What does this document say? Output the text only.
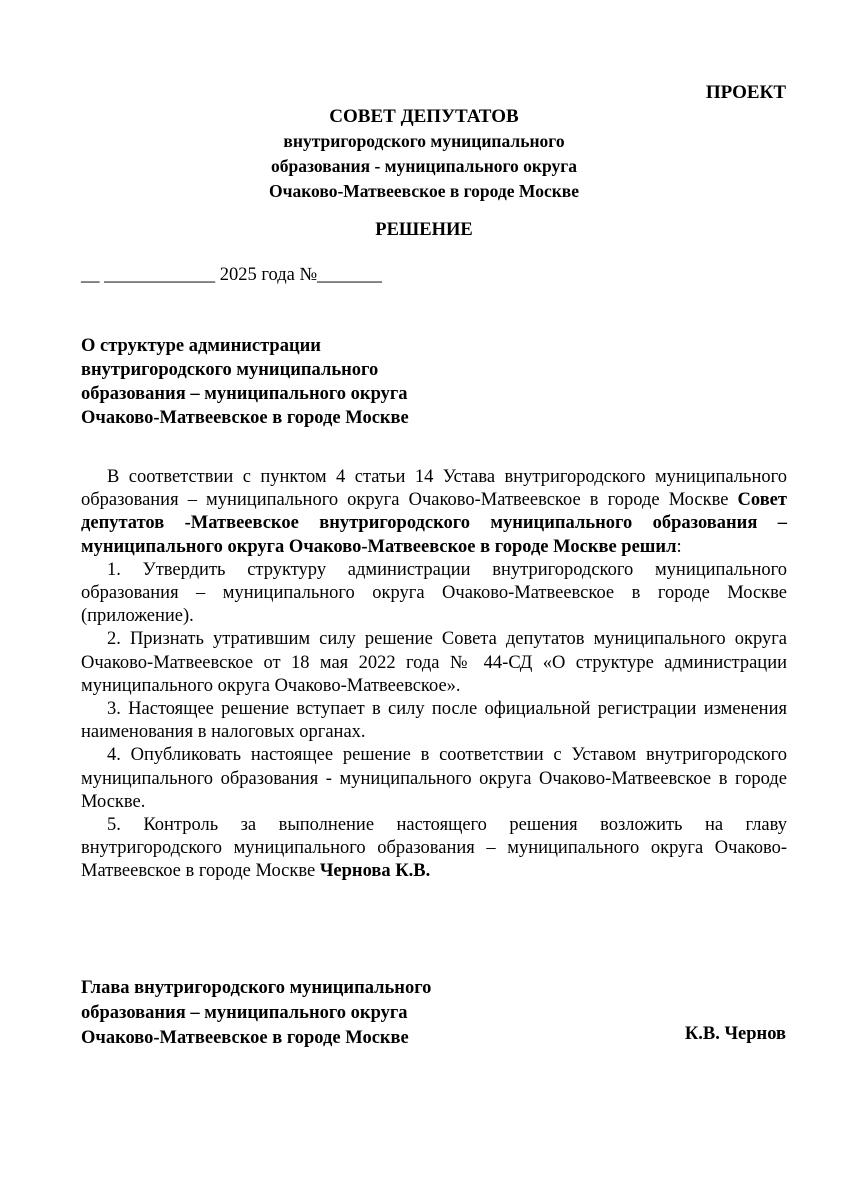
ПРОЕКТ
СОВЕТ ДЕПУТАТОВ
внутригородского муниципального
образования - муниципального округа
Очаково-Матвеевское в городе Москве
РЕШЕНИЕ
__ ____________ 2025 года №_______
О структуре администрации
внутригородского муниципального
образования – муниципального округа
Очаково-Матвеевское в городе Москве

В соответствии с пунктом 4 статьи 14 Устава внутригородского муниципального образования – муниципального округа Очаково-Матвеевское в городе Москве Совет депутатов -Матвеевское внутригородского муниципального образования – муниципального округа Очаково-Матвеевское в городе Москве решил:

1. Утвердить структуру администрации внутригородского муниципального образования – муниципального округа Очаково-Матвеевское в городе Москве (приложение).

2. Признать утратившим силу решение Совета депутатов муниципального округа Очаково-Матвеевское от 18 мая 2022 года № 44-СД «О структуре администрации муниципального округа Очаково-Матвеевское».

3. Настоящее решение вступает в силу после официальной регистрации изменения наименования в налоговых органах.

4. Опубликовать настоящее решение в соответствии с Уставом внутригородского муниципального образования - муниципального округа Очаково-Матвеевское в городе Москве.

5. Контроль за выполнение настоящего решения возложить на главу внутригородского муниципального образования – муниципального округа Очаково-Матвеевское в городе Москве Чернова К.В.

Глава внутригородского муниципального
образования – муниципального округа
Очаково-Матвеевское в городе Москве	К.В. Чернов
